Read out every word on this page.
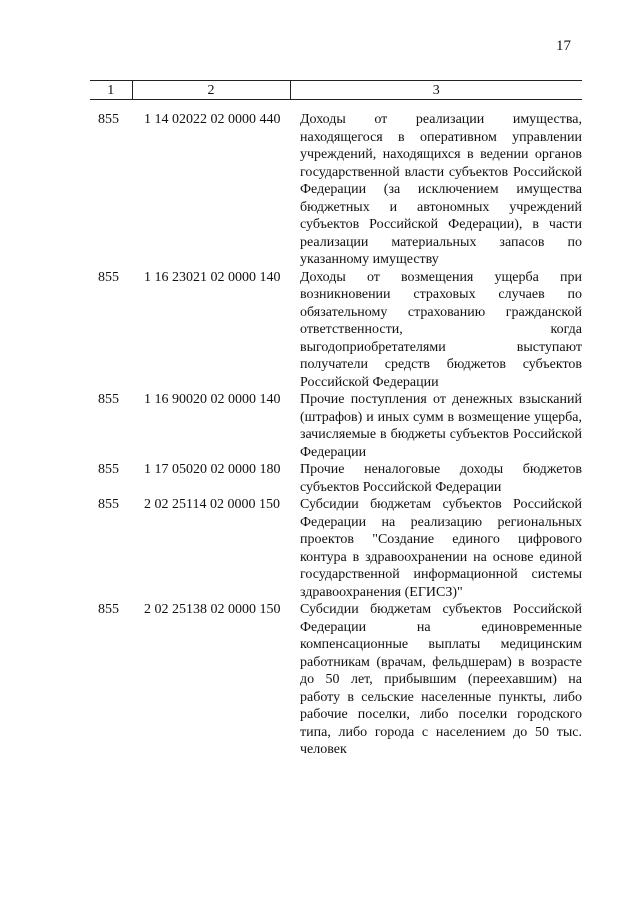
17
1	2	3
855	1 14 02022 02 0000 440	Доходы от реализации имущества, находящегося в оперативном управлении учреждений, находящихся в ведении органов государственной власти субъектов Российской Федерации (за исключением имущества бюджетных и автономных учреждений субъектов Российской Федерации), в части реализации материальных запасов по указанному имуществу
855	1 16 23021 02 0000 140	Доходы от возмещения ущерба при возникновении страховых случаев по обязательному страхованию гражданской ответственности, когда выгодоприобретателями выступают получатели средств бюджетов субъектов Российской Федерации
855	1 16 90020 02 0000 140	Прочие поступления от денежных взысканий (штрафов) и иных сумм в возмещение ущерба, зачисляемые в бюджеты субъектов Российской Федерации
855	1 17 05020 02 0000 180	Прочие неналоговые доходы бюджетов субъектов Российской Федерации
855	2 02 25114 02 0000 150	Субсидии бюджетам субъектов Российской Федерации на реализацию региональных проектов "Создание единого цифрового контура в здравоохранении на основе единой государственной информационной системы здравоохранения (ЕГИСЗ)"
855	2 02 25138 02 0000 150	Субсидии бюджетам субъектов Российской Федерации на единовременные компенсационные выплаты медицинским работникам (врачам, фельдшерам) в возрасте до 50 лет, прибывшим (переехавшим) на работу в сельские населенные пункты, либо рабочие поселки, либо поселки городского типа, либо города с населением до 50 тыс. человек
